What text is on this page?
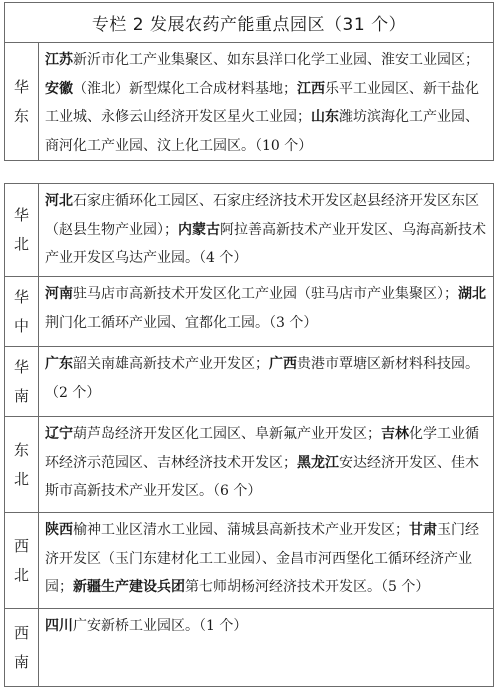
专栏 2 发展农药产能重点园区（31 个）
华
东
江苏新沂市化工产业集聚区、如东县洋口化学工业园、淮安工业园区；安徽（淮北）新型煤化工合成材料基地；江西乐平工业园区、新干盐化工业城、永修云山经济开发区星火工业园；山东潍坊滨海化工产业园、商河化工产业园、汶上化工园区。（10 个）
华
北
河北石家庄循环化工园区、石家庄经济技术开发区赵县经济开发区东区（赵县生物产业园）；内蒙古阿拉善高新技术产业开发区、乌海高新技术产业开发区乌达产业园。（4 个）
华
中
河南驻马店市高新技术开发区化工产业园（驻马店市产业集聚区）；湖北荆门化工循环产业园、宜都化工园。（3 个）
华
南
广东韶关南雄高新技术产业开发区；广西贵港市覃塘区新材料科技园。（2 个）
东
北
辽宁葫芦岛经济开发区化工园区、阜新氟产业开发区；吉林化学工业循环经济示范园区、吉林经济技术开发区；黑龙江安达经济开发区、佳木斯市高新技术产业开发区。（6 个）
西
北
陕西榆神工业区清水工业园、蒲城县高新技术产业开发区；甘肃玉门经济开发区（玉门东建材化工工业园）、金昌市河西堡化工循环经济产业园；新疆生产建设兵团第七师胡杨河经济技术开发区。（5 个）
西
南
四川广安新桥工业园区。（1 个）
